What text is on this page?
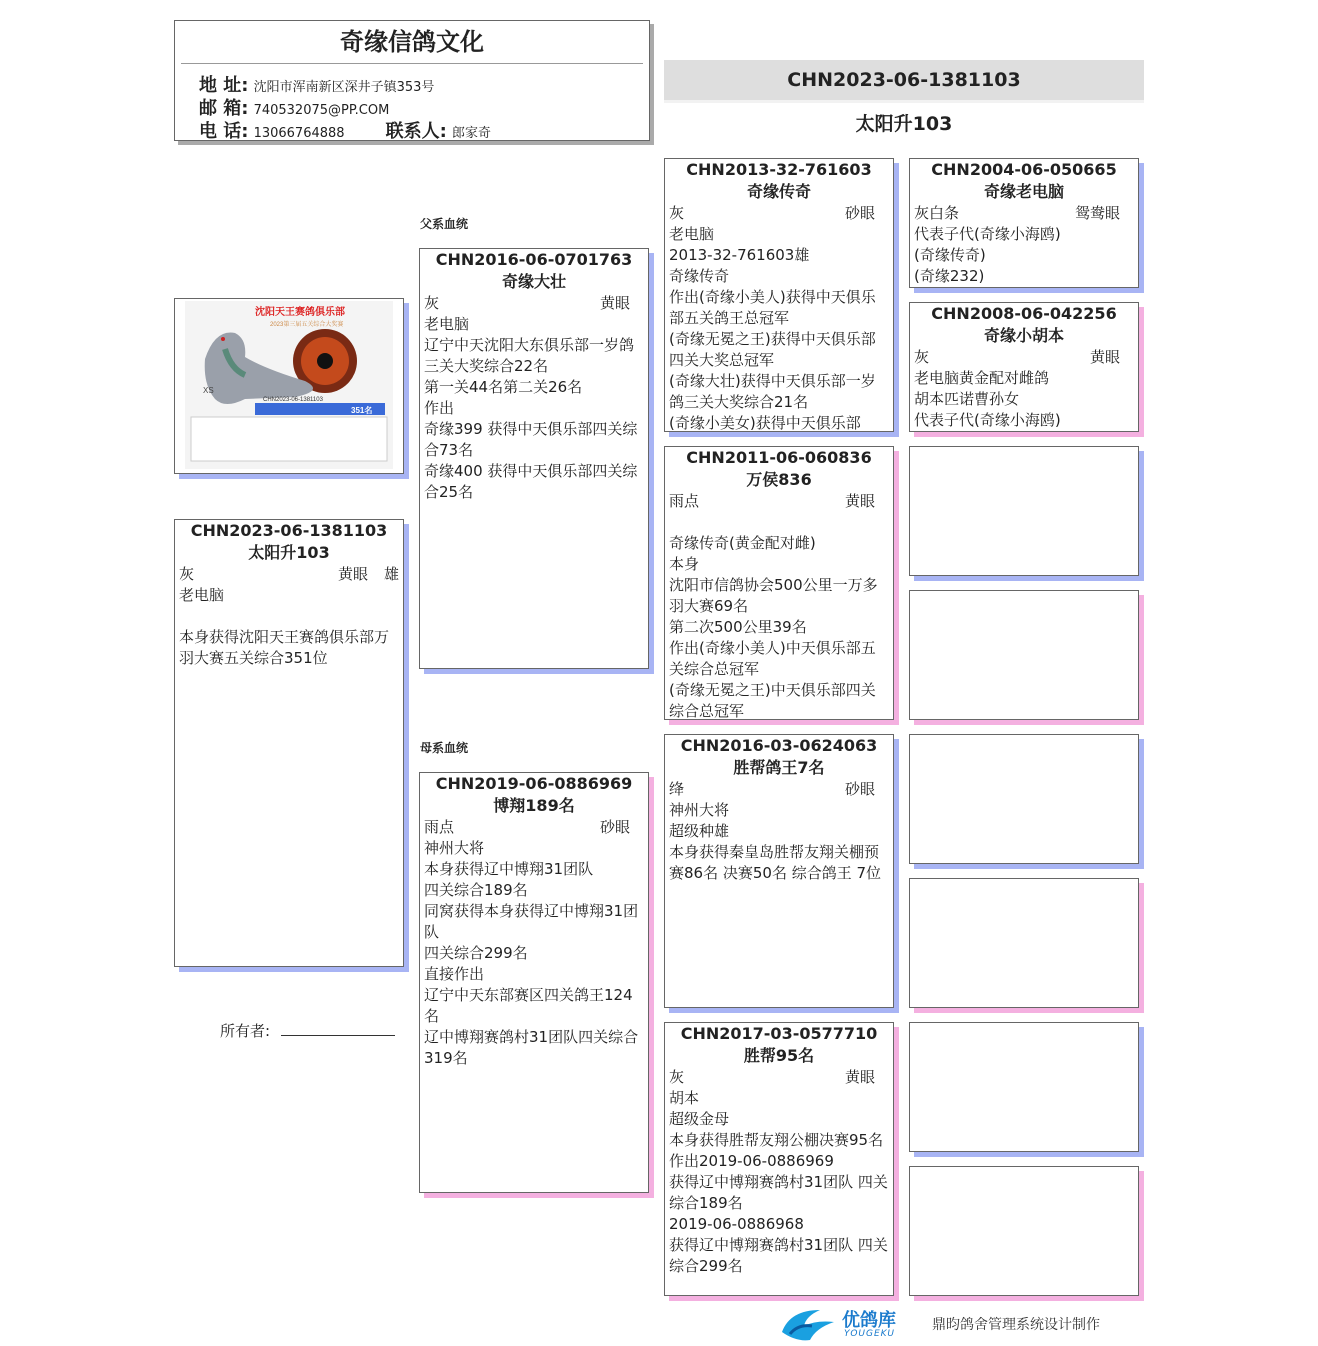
奇缘信鸽文化
地 址: 沈阳市浑南新区深井子镇353号
邮 箱: 740532075@PP.COM
电 话: 13066764888 联系人: 郎家奇
CHN2023-06-1381103
太阳升103
沈阳天王赛鸽俱乐部
2023第三届五关综合大奖赛
XS
CHN2023-06-1381103
351名
父系血统
母系血统
CHN2023-06-1381103
太阳升103
灰	黄眼 雄
老电脑

本身获得沈阳天王赛鸽俱乐部万羽大赛五关综合351位
所有者:
CHN2016-06-0701763
奇缘大壮
灰	黄眼
老电脑
辽宁中天沈阳大东俱乐部一岁鸽三关大奖综合22名
第一关44名第二关26名
作出
奇缘399 获得中天俱乐部四关综合73名
奇缘400 获得中天俱乐部四关综合25名
CHN2019-06-0886969
博翔189名
雨点	砂眼
神州大将
本身获得辽中博翔31团队
四关综合189名
同窝获得本身获得辽中博翔31团队
四关综合299名
直接作出
辽宁中天东部赛区四关鸽王124名
辽中博翔赛鸽村31团队四关综合319名
CHN2013-32-761603
奇缘传奇
灰	砂眼
老电脑
2013-32-761603雄
奇缘传奇
作出(奇缘小美人)获得中天俱乐部五关鸽王总冠军
(奇缘无冕之王)获得中天俱乐部四关大奖总冠军
(奇缘大壮)获得中天俱乐部一岁鸽三关大奖综合21名
(奇缘小美女)获得中天俱乐部
CHN2011-06-060836
万侯836
雨点	黄眼

奇缘传奇(黄金配对雌)
本身
沈阳市信鸽协会500公里一万多羽大赛69名
第二次500公里39名
作出(奇缘小美人)中天俱乐部五关综合总冠军
(奇缘无冕之王)中天俱乐部四关综合总冠军
CHN2016-03-0624063
胜帮鸽王7名
绛	砂眼
神州大将
超级种雄
本身获得秦皇岛胜帮友翔关棚预赛86名 决赛50名 综合鸽王 7位
CHN2017-03-0577710
胜帮95名
灰	黄眼
胡本
超级金母
本身获得胜帮友翔公棚决赛95名
作出2019-06-0886969
获得辽中博翔赛鸽村31团队 四关综合189名
2019-06-0886968
获得辽中博翔赛鸽村31团队 四关综合299名
CHN2004-06-050665
奇缘老电脑
灰白条	鸳鸯眼
代表子代(奇缘小海鸥)
(奇缘传奇)
(奇缘232)
CHN2008-06-042256
奇缘小胡本
灰	黄眼
老电脑黄金配对雌鸽
胡本匹诺曹孙女
代表子代(奇缘小海鸥)
优鸽库
YOUGEKU
鼎昀鸽舍管理系统设计制作
